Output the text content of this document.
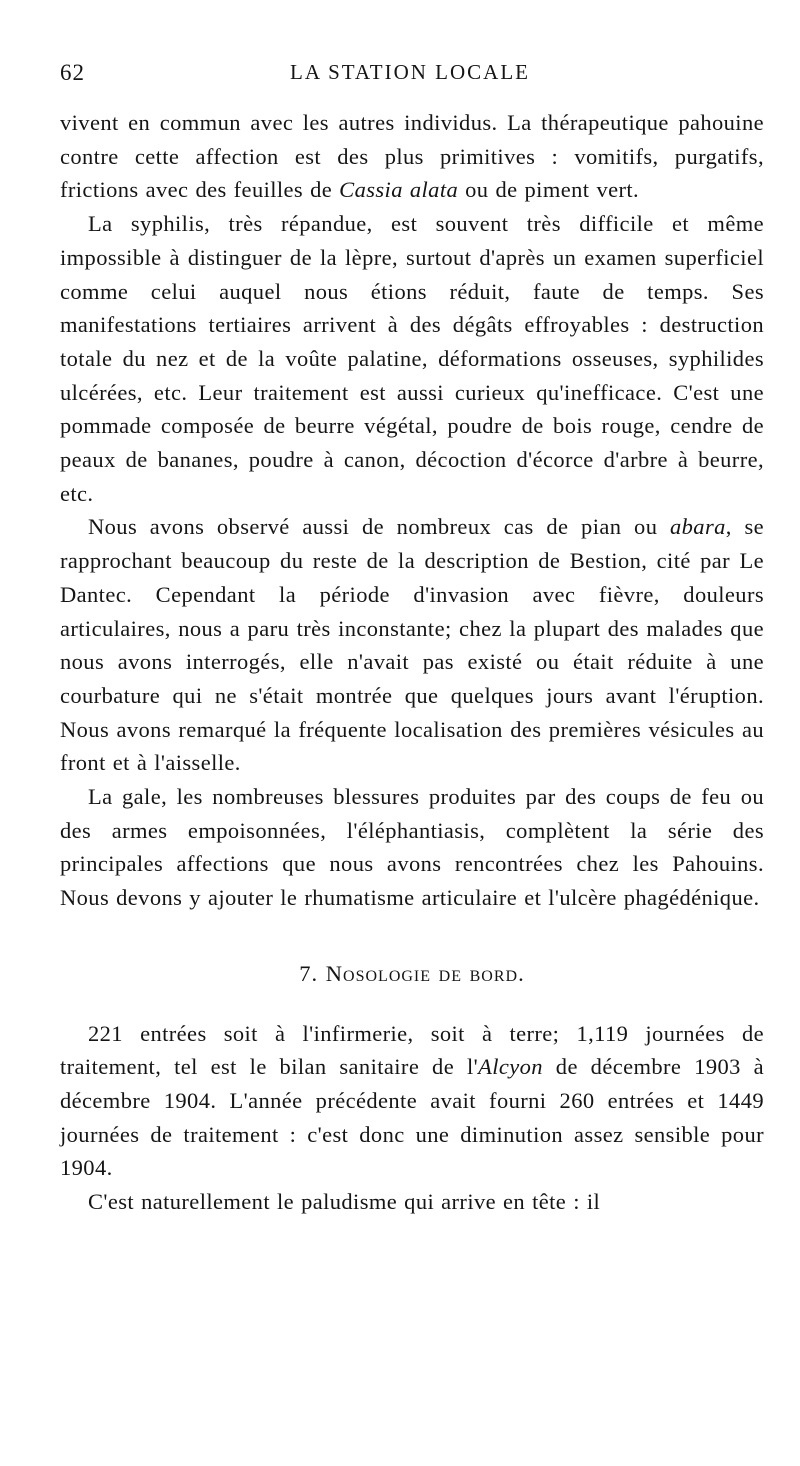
62	LA STATION LOCALE

vivent en commun avec les autres individus. La thérapeutique pahouine contre cette affection est des plus primitives : vomitifs, purgatifs, frictions avec des feuilles de Cassia alata ou de piment vert.

La syphilis, très répandue, est souvent très difficile et même impossible à distinguer de la lèpre, surtout d'après un examen superficiel comme celui auquel nous étions réduit, faute de temps. Ses manifestations tertiaires arrivent à des dégâts effroyables : destruction totale du nez et de la voûte palatine, déformations osseuses, syphilides ulcérées, etc. Leur traitement est aussi curieux qu'inefficace. C'est une pommade composée de beurre végétal, poudre de bois rouge, cendre de peaux de bananes, poudre à canon, décoction d'écorce d'arbre à beurre, etc.

Nous avons observé aussi de nombreux cas de pian ou abara, se rapprochant beaucoup du reste de la description de Bestion, cité par Le Dantec. Cependant la période d'invasion avec fièvre, douleurs articulaires, nous a paru très inconstante; chez la plupart des malades que nous avons interrogés, elle n'avait pas existé ou était réduite à une courbature qui ne s'était montrée que quelques jours avant l'éruption. Nous avons remarqué la fréquente localisation des premières vésicules au front et à l'aisselle.

La gale, les nombreuses blessures produites par des coups de feu ou des armes empoisonnées, l'éléphantiasis, complètent la série des principales affections que nous avons rencontrées chez les Pahouins. Nous devons y ajouter le rhumatisme articulaire et l'ulcère phagédénique.

7. Nosologie de bord.

221 entrées soit à l'infirmerie, soit à terre; 1,119 journées de traitement, tel est le bilan sanitaire de l'Alcyon de décembre 1903 à décembre 1904. L'année précédente avait fourni 260 entrées et 1449 journées de traitement : c'est donc une diminution assez sensible pour 1904.

C'est naturellement le paludisme qui arrive en tête : il
